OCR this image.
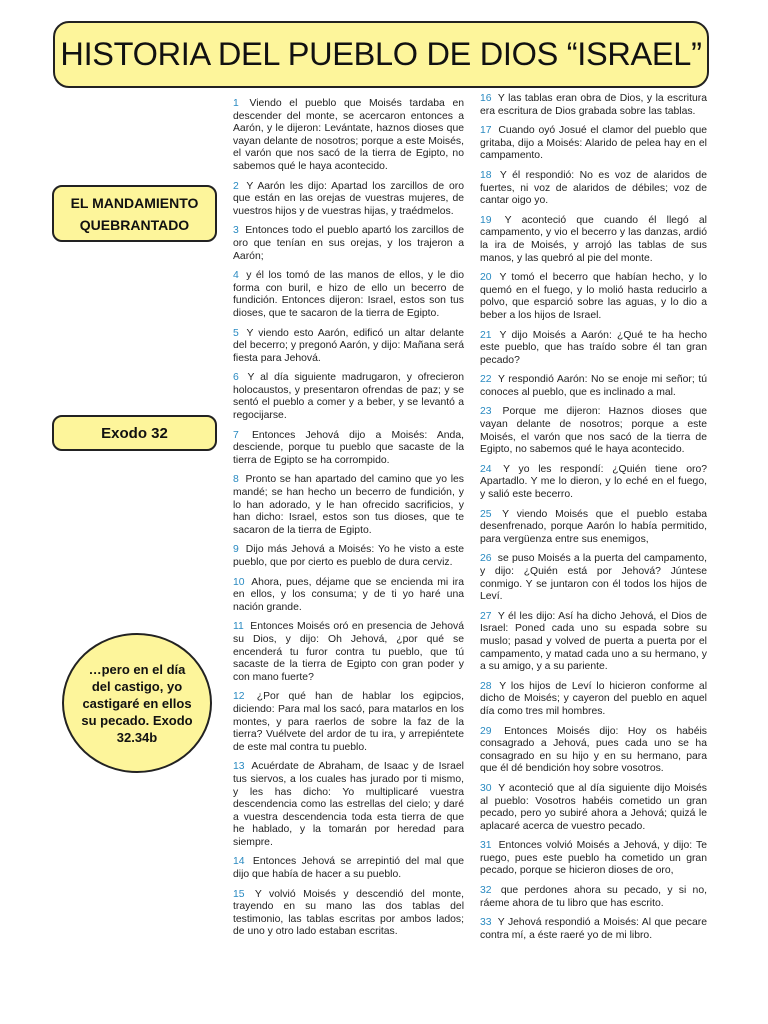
HISTORIA DEL PUEBLO DE DIOS “ISRAEL”
EL MANDAMIENTO QUEBRANTADO
Exodo 32
…pero en el día del castigo, yo castigaré en ellos su pecado. Exodo 32.34b

1 Viendo el pueblo que Moisés tardaba en descender del monte, se acercaron entonces a Aarón, y le dijeron: Levántate, haznos dioses que vayan delante de nosotros; porque a este Moisés, el varón que nos sacó de la tierra de Egipto, no sabemos qué le haya acontecido.

2 Y Aarón les dijo: Apartad los zarcillos de oro que están en las orejas de vuestras mujeres, de vuestros hijos y de vuestras hijas, y traédmelos.

3 Entonces todo el pueblo apartó los zarcillos de oro que tenían en sus orejas, y los trajeron a Aarón;

4 y él los tomó de las manos de ellos, y le dio forma con buril, e hizo de ello un becerro de fundición. Entonces dijeron: Israel, estos son tus dioses, que te sacaron de la tierra de Egipto.

5 Y viendo esto Aarón, edificó un altar delante del becerro; y pregonó Aarón, y dijo: Mañana será fiesta para Jehová.

6 Y al día siguiente madrugaron, y ofrecieron holocaustos, y presentaron ofrendas de paz; y se sentó el pueblo a comer y a beber, y se levantó a regocijarse.

7 Entonces Jehová dijo a Moisés: Anda, desciende, porque tu pueblo que sacaste de la tierra de Egipto se ha corrompido.

8 Pronto se han apartado del camino que yo les mandé; se han hecho un becerro de fundición, y lo han adorado, y le han ofrecido sacrificios, y han dicho: Israel, estos son tus dioses, que te sacaron de la tierra de Egipto.

9 Dijo más Jehová a Moisés: Yo he visto a este pueblo, que por cierto es pueblo de dura cerviz.

10 Ahora, pues, déjame que se encienda mi ira en ellos, y los consuma; y de ti yo haré una nación grande.

11 Entonces Moisés oró en presencia de Jehová su Dios, y dijo: Oh Jehová, ¿por qué se encenderá tu furor contra tu pueblo, que tú sacaste de la tierra de Egipto con gran poder y con mano fuerte?

12 ¿Por qué han de hablar los egipcios, diciendo: Para mal los sacó, para matarlos en los montes, y para raerlos de sobre la faz de la tierra? Vuélvete del ardor de tu ira, y arrepiéntete de este mal contra tu pueblo.

13 Acuérdate de Abraham, de Isaac y de Israel tus siervos, a los cuales has jurado por ti mismo, y les has dicho: Yo multiplicaré vuestra descendencia como las estrellas del cielo; y daré a vuestra descendencia toda esta tierra de que he hablado, y la tomarán por heredad para siempre.

14 Entonces Jehová se arrepintió del mal que dijo que había de hacer a su pueblo.

15 Y volvió Moisés y descendió del monte, trayendo en su mano las dos tablas del testimonio, las tablas escritas por ambos lados; de uno y otro lado estaban escritas.

16 Y las tablas eran obra de Dios, y la escritura era escritura de Dios grabada sobre las tablas.

17 Cuando oyó Josué el clamor del pueblo que gritaba, dijo a Moisés: Alarido de pelea hay en el campamento.

18 Y él respondió: No es voz de alaridos de fuertes, ni voz de alaridos de débiles; voz de cantar oigo yo.

19 Y aconteció que cuando él llegó al campamento, y vio el becerro y las danzas, ardió la ira de Moisés, y arrojó las tablas de sus manos, y las quebró al pie del monte.

20 Y tomó el becerro que habían hecho, y lo quemó en el fuego, y lo molió hasta reducirlo a polvo, que esparció sobre las aguas, y lo dio a beber a los hijos de Israel.

21 Y dijo Moisés a Aarón: ¿Qué te ha hecho este pueblo, que has traído sobre él tan gran pecado?

22 Y respondió Aarón: No se enoje mi señor; tú conoces al pueblo, que es inclinado a mal.

23 Porque me dijeron: Haznos dioses que vayan delante de nosotros; porque a este Moisés, el varón que nos sacó de la tierra de Egipto, no sabemos qué le haya acontecido.

24 Y yo les respondí: ¿Quién tiene oro? Apartadlo. Y me lo dieron, y lo eché en el fuego, y salió este becerro.

25 Y viendo Moisés que el pueblo estaba desenfrenado, porque Aarón lo había permitido, para vergüenza entre sus enemigos,

26 se puso Moisés a la puerta del campamento, y dijo: ¿Quién está por Jehová? Júntese conmigo. Y se juntaron con él todos los hijos de Leví.

27 Y él les dijo: Así ha dicho Jehová, el Dios de Israel: Poned cada uno su espada sobre su muslo; pasad y volved de puerta a puerta por el campamento, y matad cada uno a su hermano, y a su amigo, y a su pariente.

28 Y los hijos de Leví lo hicieron conforme al dicho de Moisés; y cayeron del pueblo en aquel día como tres mil hombres.

29 Entonces Moisés dijo: Hoy os habéis consagrado a Jehová, pues cada uno se ha consagrado en su hijo y en su hermano, para que él dé bendición hoy sobre vosotros.

30 Y aconteció que al día siguiente dijo Moisés al pueblo: Vosotros habéis cometido un gran pecado, pero yo subiré ahora a Jehová; quizá le aplacaré acerca de vuestro pecado.

31 Entonces volvió Moisés a Jehová, y dijo: Te ruego, pues este pueblo ha cometido un gran pecado, porque se hicieron dioses de oro,

32 que perdones ahora su pecado, y si no, ráeme ahora de tu libro que has escrito.

33 Y Jehová respondió a Moisés: Al que pecare contra mí, a éste raeré yo de mi libro.
